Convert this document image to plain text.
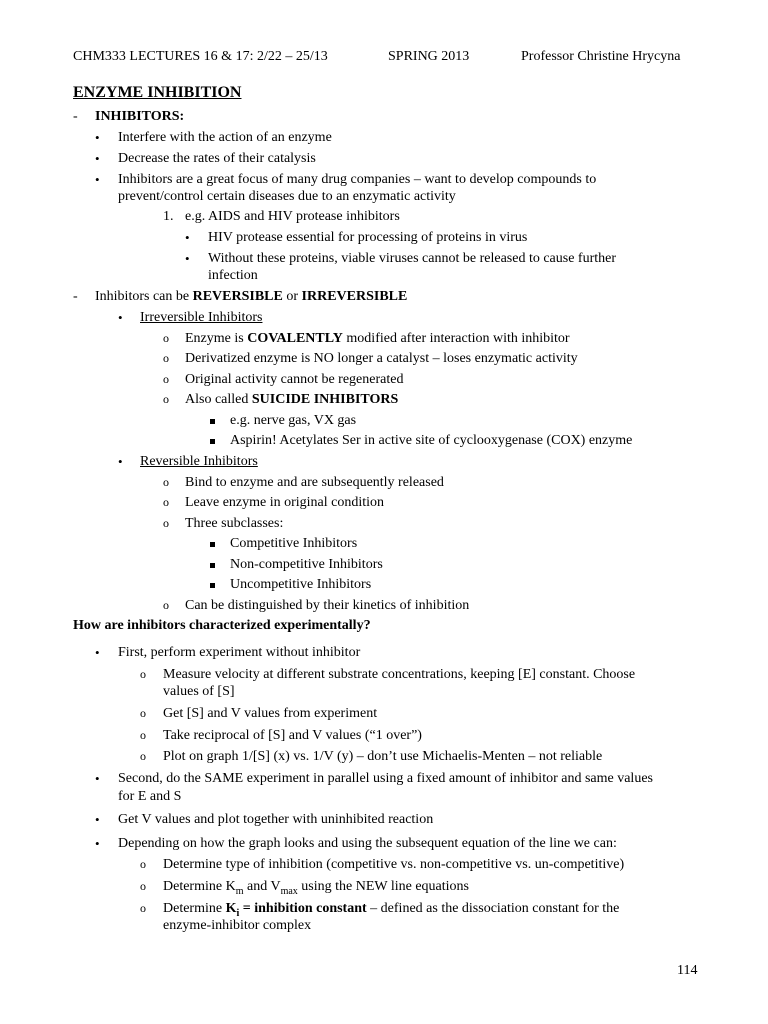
CHM333 LECTURES 16 & 17: 2/22 – 25/13	SPRING 2013	Professor Christine Hrycyna
ENZYME INHIBITION
- INHIBITORS:
• Interfere with the action of an enzyme
• Decrease the rates of their catalysis
• Inhibitors are a great focus of many drug companies – want to develop compounds to
prevent/control certain diseases due to an enzymatic activity
1. e.g. AIDS and HIV protease inhibitors
• HIV protease essential for processing of proteins in virus
• Without these proteins, viable viruses cannot be released to cause further
infection
- Inhibitors can be REVERSIBLE or IRREVERSIBLE
• Irreversible Inhibitors
o Enzyme is COVALENTLY modified after interaction with inhibitor
o Derivatized enzyme is NO longer a catalyst – loses enzymatic activity
o Original activity cannot be regenerated
o Also called SUICIDE INHIBITORS
e.g. nerve gas, VX gas
Aspirin! Acetylates Ser in active site of cyclooxygenase (COX) enzyme
• Reversible Inhibitors
o Bind to enzyme and are subsequently released
o Leave enzyme in original condition
o Three subclasses:
Competitive Inhibitors
Non-competitive Inhibitors
Uncompetitive Inhibitors
o Can be distinguished by their kinetics of inhibition
How are inhibitors characterized experimentally?
• First, perform experiment without inhibitor
o Measure velocity at different substrate concentrations, keeping [E] constant. Choose
values of [S]
o Get [S] and V values from experiment
o Take reciprocal of [S] and V values (“1 over”)
o Plot on graph 1/[S] (x) vs. 1/V (y) – don’t use Michaelis-Menten – not reliable
• Second, do the SAME experiment in parallel using a fixed amount of inhibitor and same values
for E and S
• Get V values and plot together with uninhibited reaction
• Depending on how the graph looks and using the subsequent equation of the line we can:
o Determine type of inhibition (competitive vs. non-competitive vs. un-competitive)
o Determine $K_m$ and $V_{max}$ using the NEW line equations
o Determine $K_i$ = inhibition constant – defined as the dissociation constant for the
enzyme-inhibitor complex
114
